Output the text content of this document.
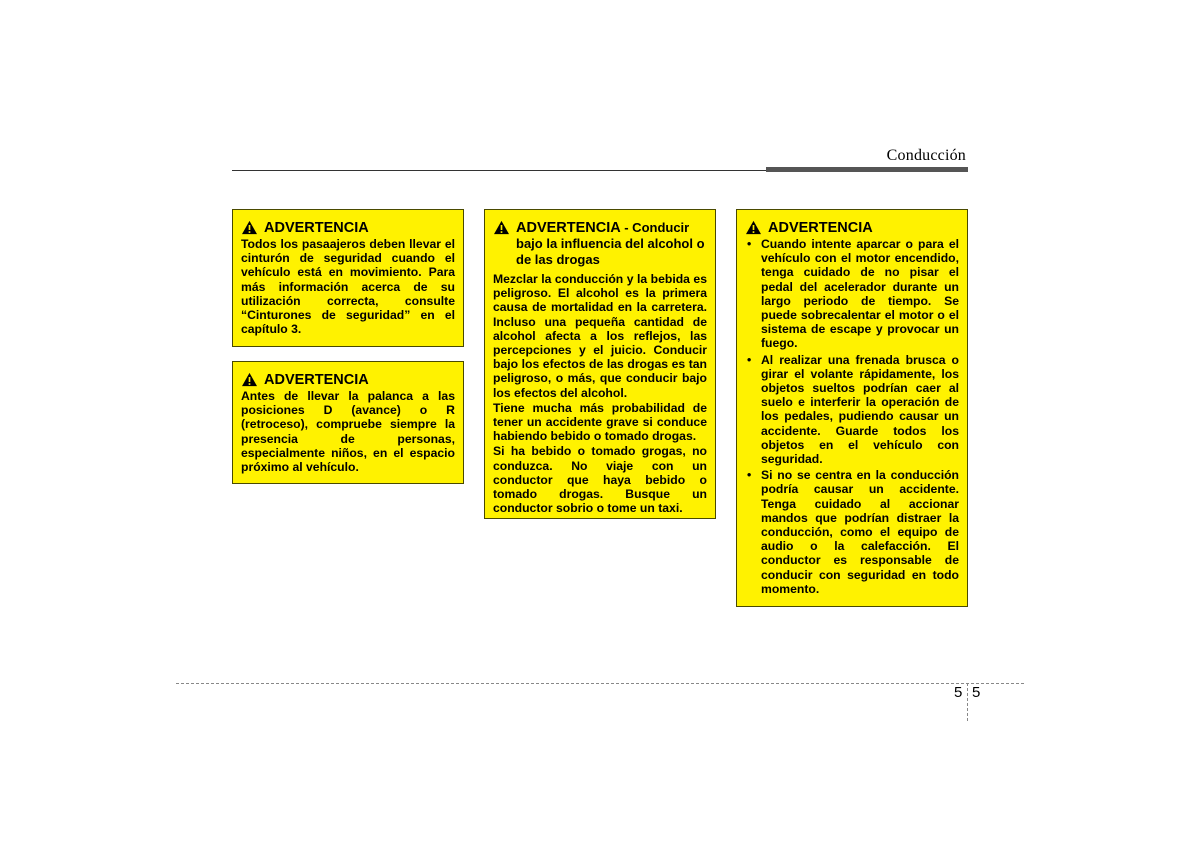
Conducción
ADVERTENCIA

Todos los pasaajeros deben llevar el cinturón de seguridad cuando el vehículo está en movimiento. Para más información acerca de su utilización correcta, consulte “Cinturones de seguridad” en el capítulo 3.

ADVERTENCIA

Antes de llevar la palanca a las posiciones D (avance) o R (retroceso), compruebe siempre la presencia de personas, especialmente niños, en el espacio próximo al vehículo.

ADVERTENCIA - Conducir bajo la influencia del alcohol o de las drogas

Mezclar la conducción y la bebida es peligroso. El alcohol es la primera causa de mortalidad en la carretera. Incluso una pequeña cantidad de alcohol afecta a los reflejos, las percepciones y el juicio. Conducir bajo los efectos de las drogas es tan peligroso, o más, que conducir bajo los efectos del alcohol.

Tiene mucha más probabilidad de tener un accidente grave si conduce habiendo bebido o tomado drogas.

Si ha bebido o tomado grogas, no conduzca. No viaje con un conductor que haya bebido o tomado drogas. Busque un conductor sobrio o tome un taxi.

ADVERTENCIA
• Cuando intente aparcar o para el vehículo con el motor encendido, tenga cuidado de no pisar el pedal del acelerador durante un largo periodo de tiempo. Se puede sobrecalentar el motor o el sistema de escape y provocar un fuego.
• Al realizar una frenada brusca o girar el volante rápidamente, los objetos sueltos podrían caer al suelo e interferir la operación de los pedales, pudiendo causar un accidente. Guarde todos los objetos en el vehículo con seguridad.
• Si no se centra en la conducción podría causar un accidente. Tenga cuidado al accionar mandos que podrían distraer la conducción, como el equipo de audio o la calefacción. El conductor es responsable de conducir con seguridad en todo momento.
5 5
